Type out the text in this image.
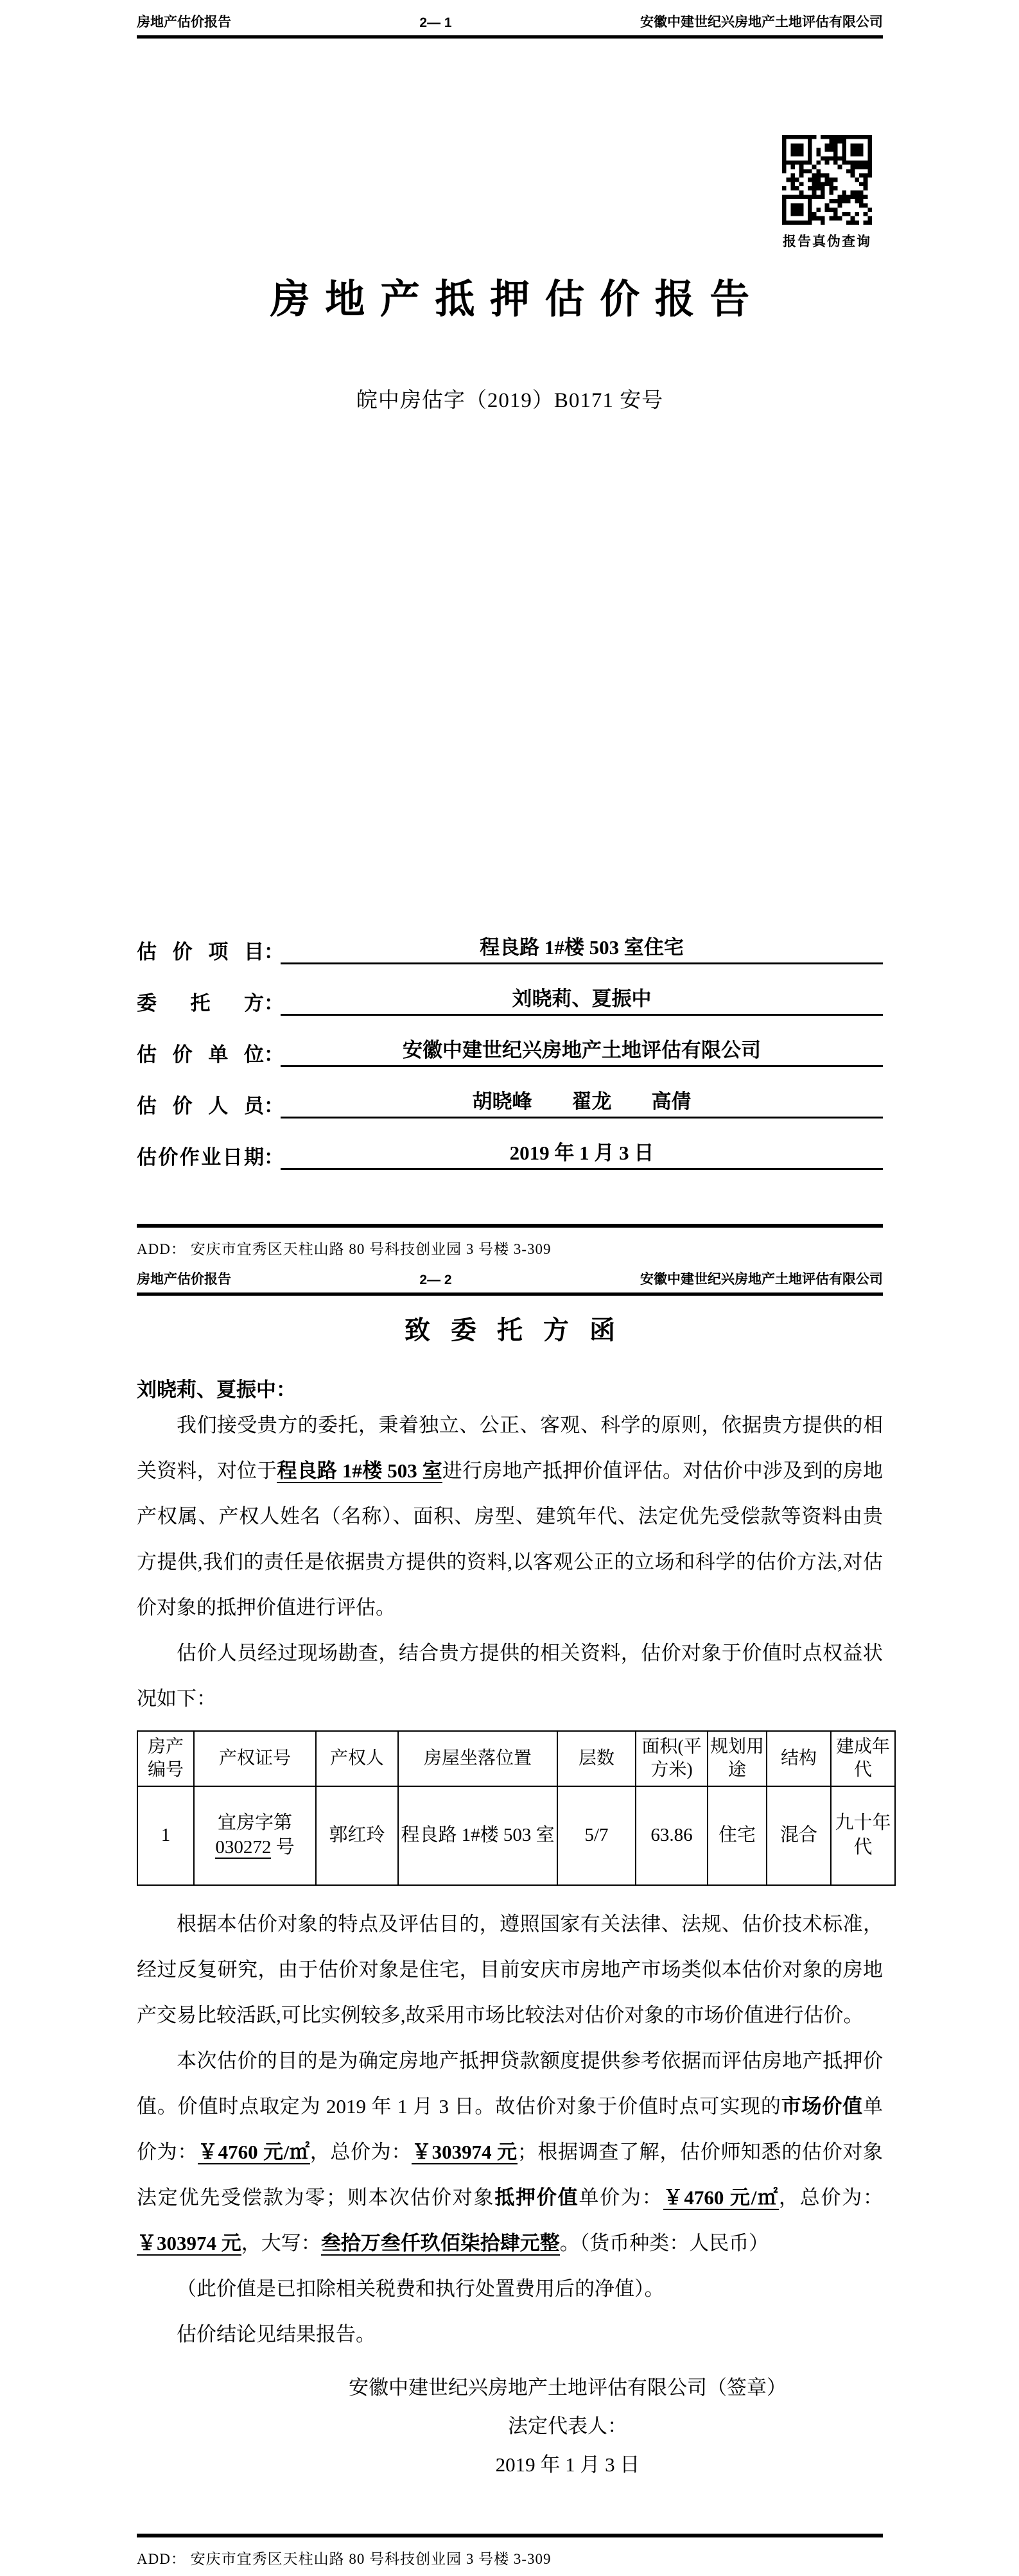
房地产估价报告	2— 1	安徽中建世纪兴房地产土地评估有限公司
报告真伪查询
房地产抵押估价报告
皖中房估字（2019）B0171 安号
估价项目 ：	程良路 1#楼 503 室住宅
委托方 ：	刘晓莉、夏振中
估价单位 ：	安徽中建世纪兴房地产土地评估有限公司
估价人员 ：	胡晓峰　　翟龙　　高倩
估价作业日期 ：	2019 年 1 月 3 日
ADD： 安庆市宜秀区天柱山路 80 号科技创业园 3 号楼 3-309
房地产估价报告	2— 2	安徽中建世纪兴房地产土地评估有限公司
致委托方函
刘晓莉、夏振中：

我们接受贵方的委托，秉着独立、公正、客观、科学的原则，依据贵方提供的相关资料，对位于程良路 1#楼 503 室进行房地产抵押价值评估。对估价中涉及到的房地产权属、产权人姓名（名称）、面积、房型、建筑年代、法定优先受偿款等资料由贵方提供,我们的责任是依据贵方提供的资料,以客观公正的立场和科学的估价方法,对估价对象的抵押价值进行评估。

估价人员经过现场勘查，结合贵方提供的相关资料，估价对象于价值时点权益状况如下：

房产编号	产权证号	产权人	房屋坐落位置	层数	面积(平方米)	规划用途	结构	建成年代
1	宜房字第030272 号	郭红玲	程良路 1#楼 503 室	5/7	63.86	住宅	混合	九十年代

根据本估价对象的特点及评估目的，遵照国家有关法律、法规、估价技术标准，经过反复研究，由于估价对象是住宅，目前安庆市房地产市场类似本估价对象的房地产交易比较活跃,可比实例较多,故采用市场比较法对估价对象的市场价值进行估价。

本次估价的目的是为确定房地产抵押贷款额度提供参考依据而评估房地产抵押价值。价值时点取定为 2019 年 1 月 3 日。故估价对象于价值时点可实现的市场价值单价为：￥4760 元/㎡，总价为：￥303974 元；根据调查了解，估价师知悉的估价对象法定优先受偿款为零；则本次估价对象抵押价值单价为：￥4760 元/㎡，总价为：￥303974 元，大写：叁拾万叁仟玖佰柒拾肆元整。（货币种类：人民币）

（此价值是已扣除相关税费和执行处置费用后的净值）。

估价结论见结果报告。

安徽中建世纪兴房地产土地评估有限公司（签章）
法定代表人：
2019 年 1 月 3 日
ADD： 安庆市宜秀区天柱山路 80 号科技创业园 3 号楼 3-309
